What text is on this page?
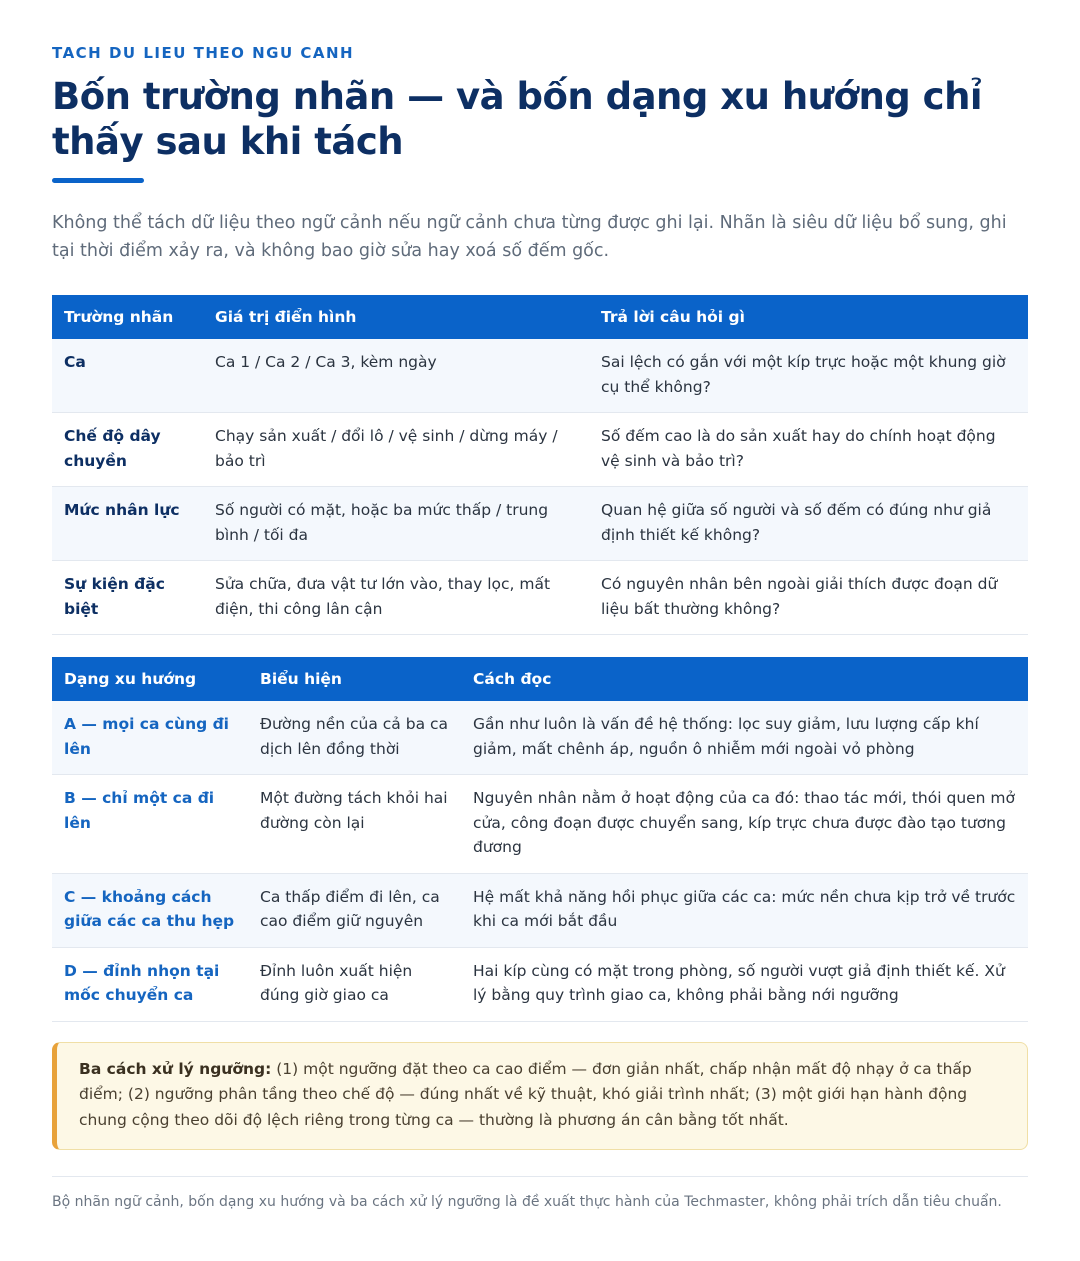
TACH DU LIEU THEO NGU CANH
Bốn trường nhãn — và bốn dạng xu hướng chỉ thấy sau khi tách

Không thể tách dữ liệu theo ngữ cảnh nếu ngữ cảnh chưa từng được ghi lại. Nhãn là siêu dữ liệu bổ sung, ghi tại thời điểm xảy ra, và không bao giờ sửa hay xoá số đếm gốc.

Trường nhãn	Giá trị điển hình	Trả lời câu hỏi gì
Ca	Ca 1 / Ca 2 / Ca 3, kèm ngày	Sai lệch có gắn với một kíp trực hoặc một khung giờ cụ thể không?
Chế độ dây chuyền	Chạy sản xuất / đổi lô / vệ sinh / dừng máy / bảo trì	Số đếm cao là do sản xuất hay do chính hoạt động vệ sinh và bảo trì?
Mức nhân lực	Số người có mặt, hoặc ba mức thấp / trung bình / tối đa	Quan hệ giữa số người và số đếm có đúng như giả định thiết kế không?
Sự kiện đặc biệt	Sửa chữa, đưa vật tư lớn vào, thay lọc, mất điện, thi công lân cận	Có nguyên nhân bên ngoài giải thích được đoạn dữ liệu bất thường không?
Dạng xu hướng	Biểu hiện	Cách đọc
A — mọi ca cùng đi lên	Đường nền của cả ba ca dịch lên đồng thời	Gần như luôn là vấn đề hệ thống: lọc suy giảm, lưu lượng cấp khí giảm, mất chênh áp, nguồn ô nhiễm mới ngoài vỏ phòng
B — chỉ một ca đi lên	Một đường tách khỏi hai đường còn lại	Nguyên nhân nằm ở hoạt động của ca đó: thao tác mới, thói quen mở cửa, công đoạn được chuyển sang, kíp trực chưa được đào tạo tương đương
C — khoảng cách giữa các ca thu hẹp	Ca thấp điểm đi lên, ca cao điểm giữ nguyên	Hệ mất khả năng hồi phục giữa các ca: mức nền chưa kịp trở về trước khi ca mới bắt đầu
D — đỉnh nhọn tại mốc chuyển ca	Đỉnh luôn xuất hiện đúng giờ giao ca	Hai kíp cùng có mặt trong phòng, số người vượt giả định thiết kế. Xử lý bằng quy trình giao ca, không phải bằng nới ngưỡng
Ba cách xử lý ngưỡng: (1) một ngưỡng đặt theo ca cao điểm — đơn giản nhất, chấp nhận mất độ nhạy ở ca thấp điểm; (2) ngưỡng phân tầng theo chế độ — đúng nhất về kỹ thuật, khó giải trình nhất; (3) một giới hạn hành động chung cộng theo dõi độ lệch riêng trong từng ca — thường là phương án cân bằng tốt nhất.

Bộ nhãn ngữ cảnh, bốn dạng xu hướng và ba cách xử lý ngưỡng là đề xuất thực hành của Techmaster, không phải trích dẫn tiêu chuẩn.
